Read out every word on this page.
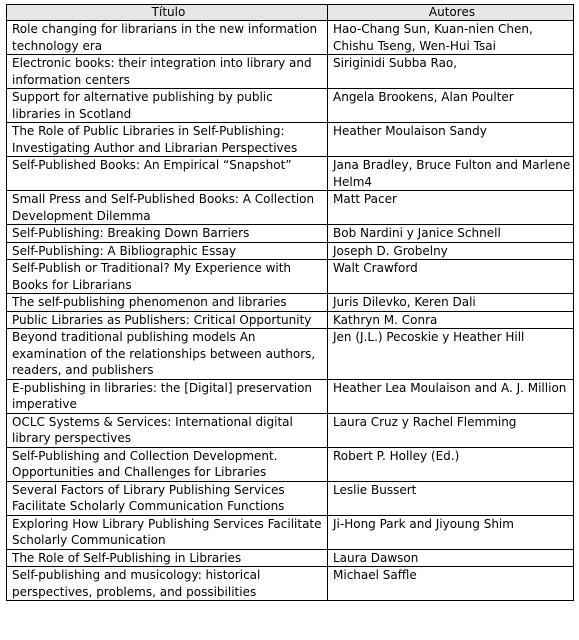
Título	Autores
Role changing for librarians in the new information technology era	Hao-Chang Sun, Kuan-nien Chen, Chishu Tseng, Wen-Hui Tsai
Electronic books: their integration into library and information centers	Siriginidi Subba Rao,
Support for alternative publishing by public libraries in Scotland	Angela Brookens, Alan Poulter
The Role of Public Libraries in Self-Publishing: Investigating Author and Librarian Perspectives	Heather Moulaison Sandy
Self-Published Books: An Empirical “Snapshot”	Jana Bradley, Bruce Fulton and Marlene Helm4
Small Press and Self-Published Books: A Collection Development Dilemma	Matt Pacer
Self-Publishing: Breaking Down Barriers	Bob Nardini y Janice Schnell
Self-Publishing: A Bibliographic Essay	Joseph D. Grobelny
Self-Publish or Traditional? My Experience with Books for Librarians	Walt Crawford
The self-publishing phenomenon and libraries	Juris Dilevko, Keren Dali
Public Libraries as Publishers: Critical Opportunity	Kathryn M. Conra
Beyond traditional publishing models An examination of the relationships between authors, readers, and publishers	Jen (J.L.) Pecoskie y Heather Hill
E-publishing in libraries: the [Digital] preservation imperative	Heather Lea Moulaison and A. J. Million
OCLC Systems & Services: International digital library perspectives	Laura Cruz y Rachel Flemming
Self-Publishing and Collection Development. Opportunities and Challenges for Libraries	Robert P. Holley (Ed.)
Several Factors of Library Publishing Services Facilitate Scholarly Communication Functions	Leslie Bussert
Exploring How Library Publishing Services Facilitate Scholarly Communication	Ji-Hong Park and Jiyoung Shim
The Role of Self-Publishing in Libraries	Laura Dawson
Self-publishing and musicology: historical perspectives, problems, and possibilities	Michael Saffle
